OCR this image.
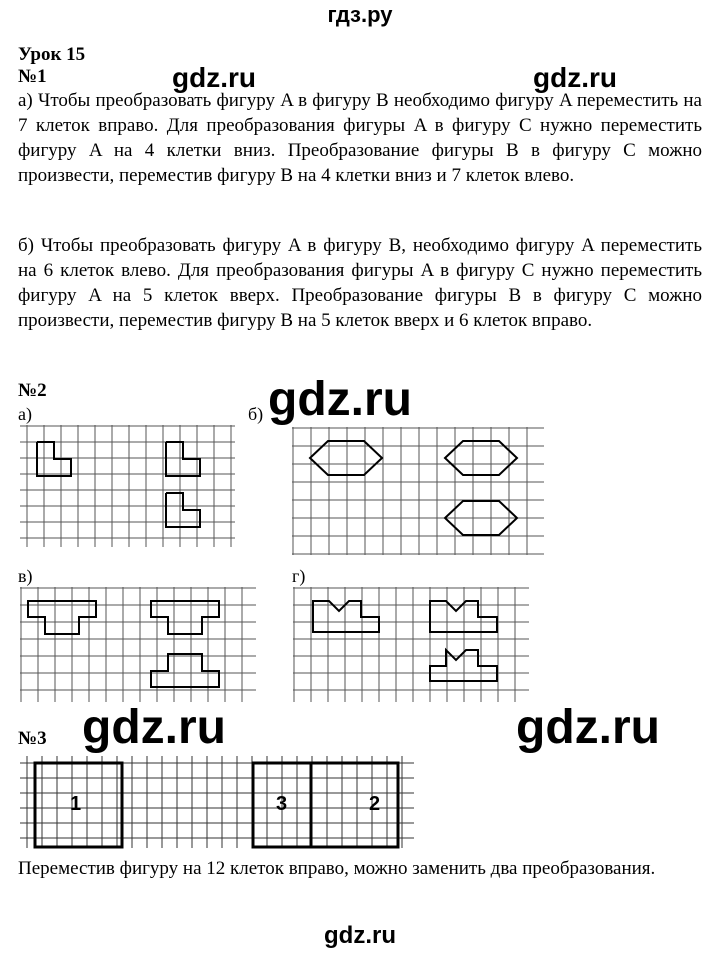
гдз.ру
gdz.ru	gdz.ru
gdz.ru
gdz.ru	gdz.ru
Урок 15
№1
а) Чтобы преобразовать фигуру A в фигуру B необходимо фигуру A переместить на 7 клеток вправо. Для преобразования фигуры A в фигуру C нужно переместить фигуру A на 4 клетки вниз. Преобразование фигуры B в фигуру C можно произвести, переместив фигуру B на 4 клетки вниз и 7 клеток влево.
б) Чтобы преобразовать фигуру A в фигуру B, необходимо фигуру A переместить на 6 клеток влево. Для преобразования фигуры A в фигуру C нужно переместить фигуру A на 5 клеток вверх. Преобразование фигуры B в фигуру C можно произвести, переместив фигуру B на 5 клеток вверх и 6 клеток вправо.
№2
а)	б)
в)	г)
№3
1	3	2
Переместив фигуру на 12 клеток вправо, можно заменить два преобразования.
gdz.ru
